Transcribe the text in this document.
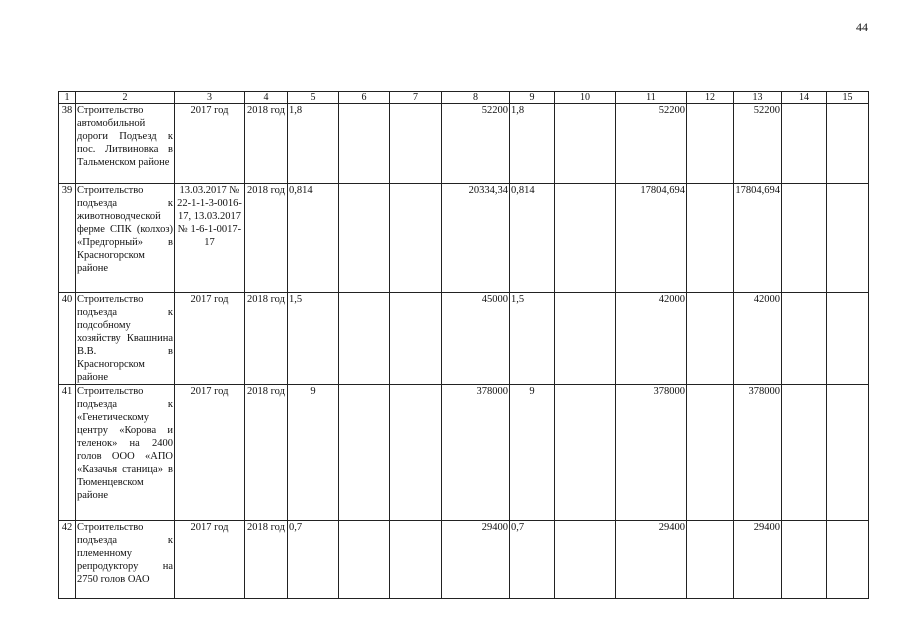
44
1	2	3	4	5	6	7	8	9	10	11	12	13	14	15
38	Строительство автомобильной дороги Подъезд к пос. Литвиновка в Тальменском районе	2017 год	2018 год	1,8			52200	1,8		52200		52200		
39	Строительство подъезда к животноводческой ферме СПК (колхоз) «Предгорный» в Красногорском районе	13.03.2017 № 22-1-1-3-0016-17, 13.03.2017 № 1-6-1-0017-17	2018 год	0,814			20334,34	0,814		17804,694		17804,694		
40	Строительство подъезда к подсобному хозяйству Квашнина В.В. в Красногорском районе	2017 год	2018 год	1,5			45000	1,5		42000		42000		
41	Строительство подъезда к «Генетическому центру «Корова и теленок» на 2400 голов ООО «АПО «Казачья станица» в Тюменцевском районе	2017 год	2018 год	9			378000	9		378000		378000		
42	Строительство подъезда к племенному репродуктору на 2750 голов ОАО	2017 год	2018 год	0,7			29400	0,7		29400		29400		
